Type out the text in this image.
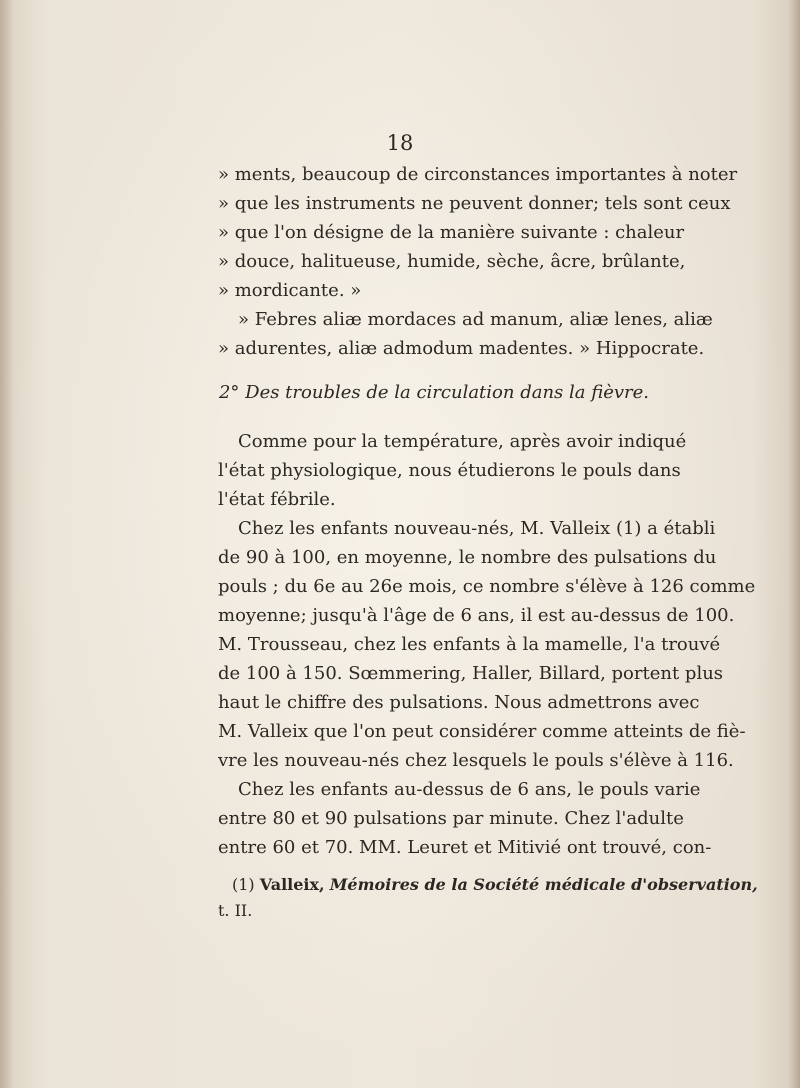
18
» ments, beaucoup de circonstances importantes à noter
» que les instruments ne peuvent donner; tels sont ceux
» que l'on désigne de la manière suivante : chaleur
» douce, halitueuse, humide, sèche, âcre, brûlante,
» mordicante. »
» Febres aliæ mordaces ad manum, aliæ lenes, aliæ
» adurentes, aliæ admodum madentes. » Hippocrate.
2° Des troubles de la circulation dans la fièvre.
Comme pour la température, après avoir indiqué
l'état physiologique, nous étudierons le pouls dans
l'état fébrile.
Chez les enfants nouveau-nés, M. Valleix (1) a établi
de 90 à 100, en moyenne, le nombre des pulsations du
pouls ; du 6e au 26e mois, ce nombre s'élève à 126 comme
moyenne; jusqu'à l'âge de 6 ans, il est au-dessus de 100.
M. Trousseau, chez les enfants à la mamelle, l'a trouvé
de 100 à 150. Sœmmering, Haller, Billard, portent plus
haut le chiffre des pulsations. Nous admettrons avec
M. Valleix que l'on peut considérer comme atteints de fiè-
vre les nouveau-nés chez lesquels le pouls s'élève à 116.
Chez les enfants au-dessus de 6 ans, le pouls varie
entre 80 et 90 pulsations par minute. Chez l'adulte
entre 60 et 70. MM. Leuret et Mitivié ont trouvé, con-
(1) Valleix, Mémoires de la Société médicale d'observation,
t. II.
